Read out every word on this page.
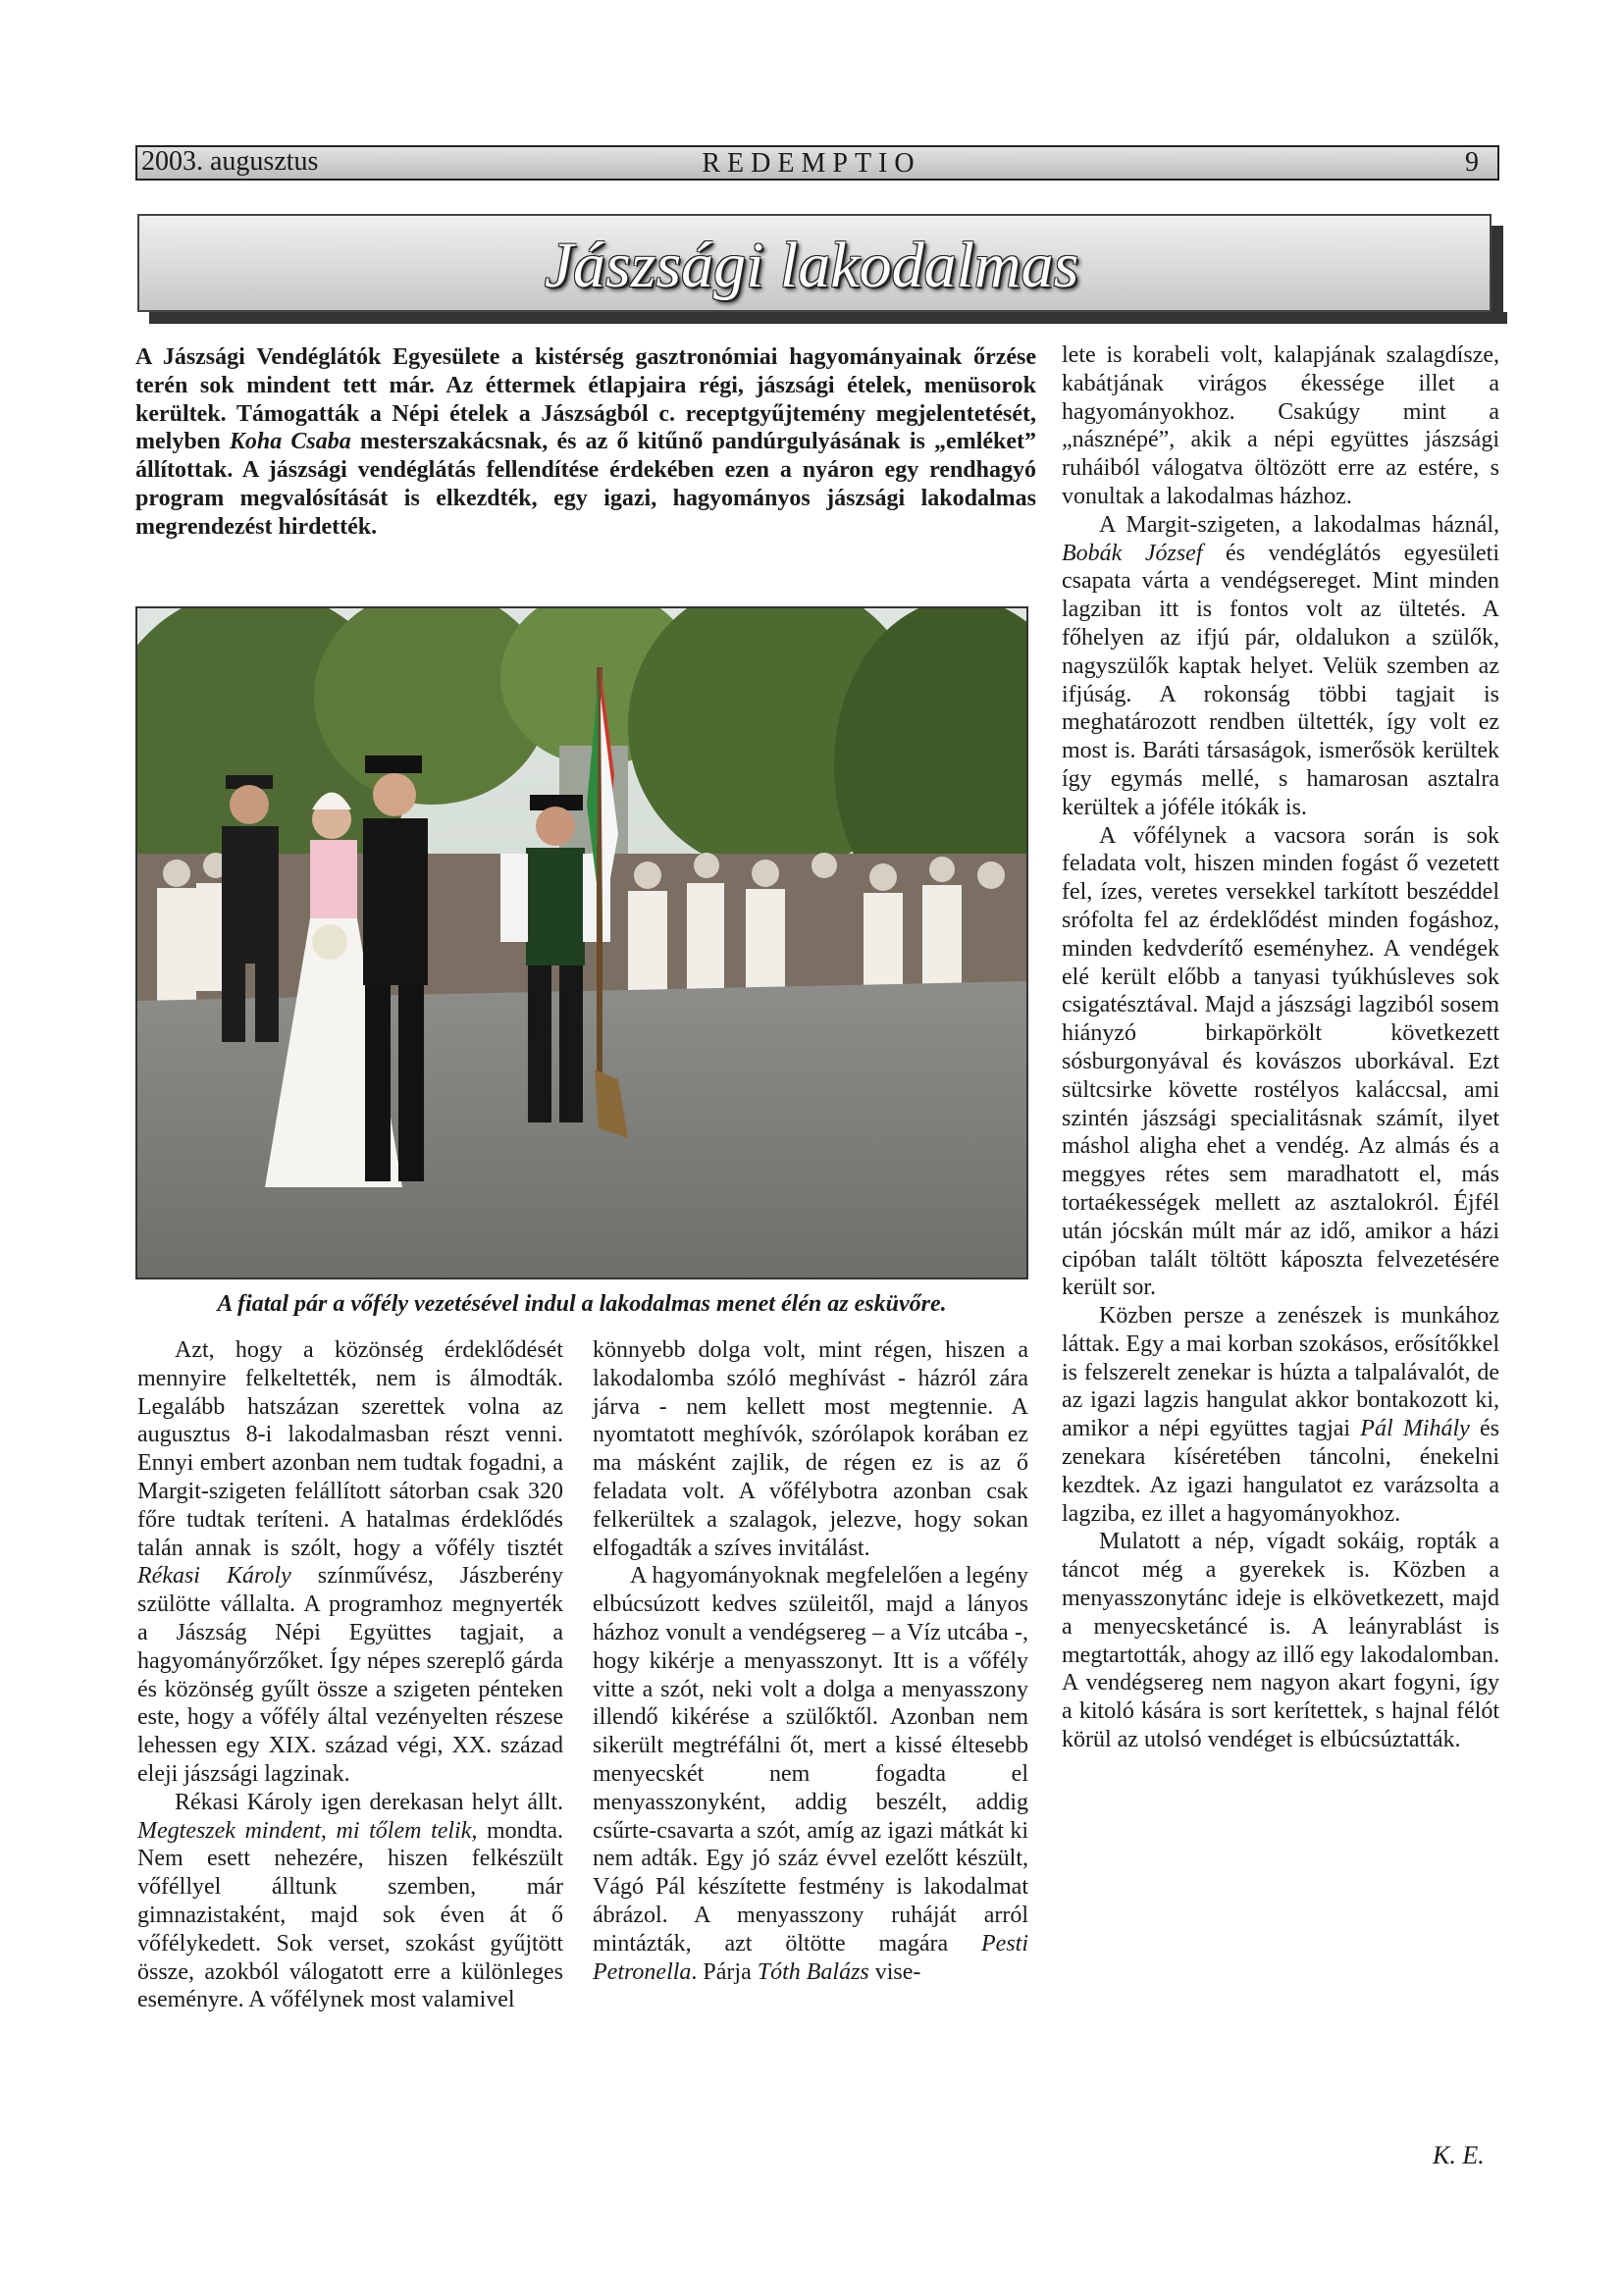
2003. augusztus	REDEMPTIO	9
Jászsági lakodalmas
A Jászsági Vendéglátók Egyesülete a kistérség gasztronómiai hagyományainak őrzése terén sok mindent tett már. Az éttermek étlapjaira régi, jászsági ételek, menüsorok kerültek. Támogatták a Népi ételek a Jászságból c. receptgyűjtemény megjelentetését, melyben Koha Csaba mesterszakácsnak, és az ő kitűnő pandúrgulyásának is „emléket” állítottak. A jászsági vendéglátás fellendítése érdekében ezen a nyáron egy rendhagyó program megvalósítását is elkezdték, egy igazi, hagyományos jászsági lakodalmas megrendezést hirdették.
A fiatal pár a vőfély vezetésével indul a lakodalmas menet élén az esküvőre.

Azt, hogy a közönség érdeklődését mennyire felkeltették, nem is álmodták. Legalább hatszázan szerettek volna az augusztus 8-i lakodalmasban részt venni. Ennyi embert azonban nem tudtak fogadni, a Margit-szigeten felállított sátorban csak 320 főre tudtak teríteni. A hatalmas érdeklődés talán annak is szólt, hogy a vőfély tisztét Rékasi Károly színművész, Jászberény szülötte vállalta. A programhoz megnyerték a Jászság Népi Együttes tagjait, a hagyományőrzőket. Így népes szereplő gárda és közönség gyűlt össze a szigeten pénteken este, hogy a vőfély által vezényelten részese lehessen egy XIX. század végi, XX. század eleji jászsági lagzinak.

Rékasi Károly igen derekasan helyt állt. Megteszek mindent, mi tőlem telik, mondta. Nem esett nehezére, hiszen felkészült vőféllyel álltunk szemben, már gimnazistaként, majd sok éven át ő vőfélykedett. Sok verset, szokást gyűjtött össze, azokból válogatott erre a különleges eseményre. A vőfélynek most valamivel

könnyebb dolga volt, mint régen, hiszen a lakodalomba szóló meghívást - házról zára járva - nem kellett most megtennie. A nyomtatott meghívók, szórólapok korában ez ma másként zajlik, de régen ez is az ő feladata volt. A vőfélybotra azonban csak felkerültek a szalagok, jelezve, hogy sokan elfogadták a szíves invitálást.

A hagyományoknak megfelelően a legény elbúcsúzott kedves szüleitől, majd a lányos házhoz vonult a vendégsereg – a Víz utcába -, hogy kikérje a menyasszonyt. Itt is a vőfély vitte a szót, neki volt a dolga a menyasszony illendő kikérése a szülőktől. Azonban nem sikerült megtréfálni őt, mert a kissé éltesebb menyecskét nem fogadta el menyasszonyként, addig beszélt, addig csűrte-csavarta a szót, amíg az igazi mátkát ki nem adták. Egy jó száz évvel ezelőtt készült, Vágó Pál készítette festmény is lakodalmat ábrázol. A menyasszony ruháját arról mintázták, azt öltötte magára Pesti Petronella. Párja Tóth Balázs vise-

lete is korabeli volt, kalapjának szalagdísze, kabátjának virágos ékessége illet a hagyományokhoz. Csakúgy mint a „násznépé”, akik a népi együttes jászsági ruháiból válogatva öltözött erre az estére, s vonultak a lakodalmas házhoz.

A Margit-szigeten, a lakodalmas háznál, Bobák József és vendéglátós egyesületi csapata várta a vendégsereget. Mint minden lagziban itt is fontos volt az ültetés. A főhelyen az ifjú pár, oldalukon a szülők, nagyszülők kaptak helyet. Velük szemben az ifjúság. A rokonság többi tagjait is meghatározott rendben ültették, így volt ez most is. Baráti társaságok, ismerősök kerültek így egymás mellé, s hamarosan asztalra kerültek a jóféle itókák is.

A vőfélynek a vacsora során is sok feladata volt, hiszen minden fogást ő vezetett fel, ízes, veretes versekkel tarkított beszéddel srófolta fel az érdeklődést minden fogáshoz, minden kedvderítő eseményhez. A vendégek elé került előbb a tanyasi tyúkhúsleves sok csigatésztával. Majd a jászsági lagziból sosem hiányzó birkapörkölt következett sósburgonyával és kovászos uborkával. Ezt sültcsirke követte rostélyos kaláccsal, ami szintén jászsági specialitásnak számít, ilyet máshol aligha ehet a vendég. Az almás és a meggyes rétes sem maradhatott el, más tortaékességek mellett az asztalokról. Éjfél után jócskán múlt már az idő, amikor a házi cipóban talált töltött káposzta felvezetésére került sor.

Közben persze a zenészek is munkához láttak. Egy a mai korban szokásos, erősítőkkel is felszerelt zenekar is húzta a talpalávalót, de az igazi lagzis hangulat akkor bontakozott ki, amikor a népi együttes tagjai Pál Mihály és zenekara kíséretében táncolni, énekelni kezdtek. Az igazi hangulatot ez varázsolta a lagziba, ez illet a hagyományokhoz.

Mulatott a nép, vígadt sokáig, ropták a táncot még a gyerekek is. Közben a menyasszonytánc ideje is elkövetkezett, majd a menyecsketáncé is. A leányrablást is megtartották, ahogy az illő egy lakodalomban. A vendégsereg nem nagyon akart fogyni, így a kitoló kására is sort kerítettek, s hajnal félót körül az utolsó vendéget is elbúcsúztatták.

K. E.
